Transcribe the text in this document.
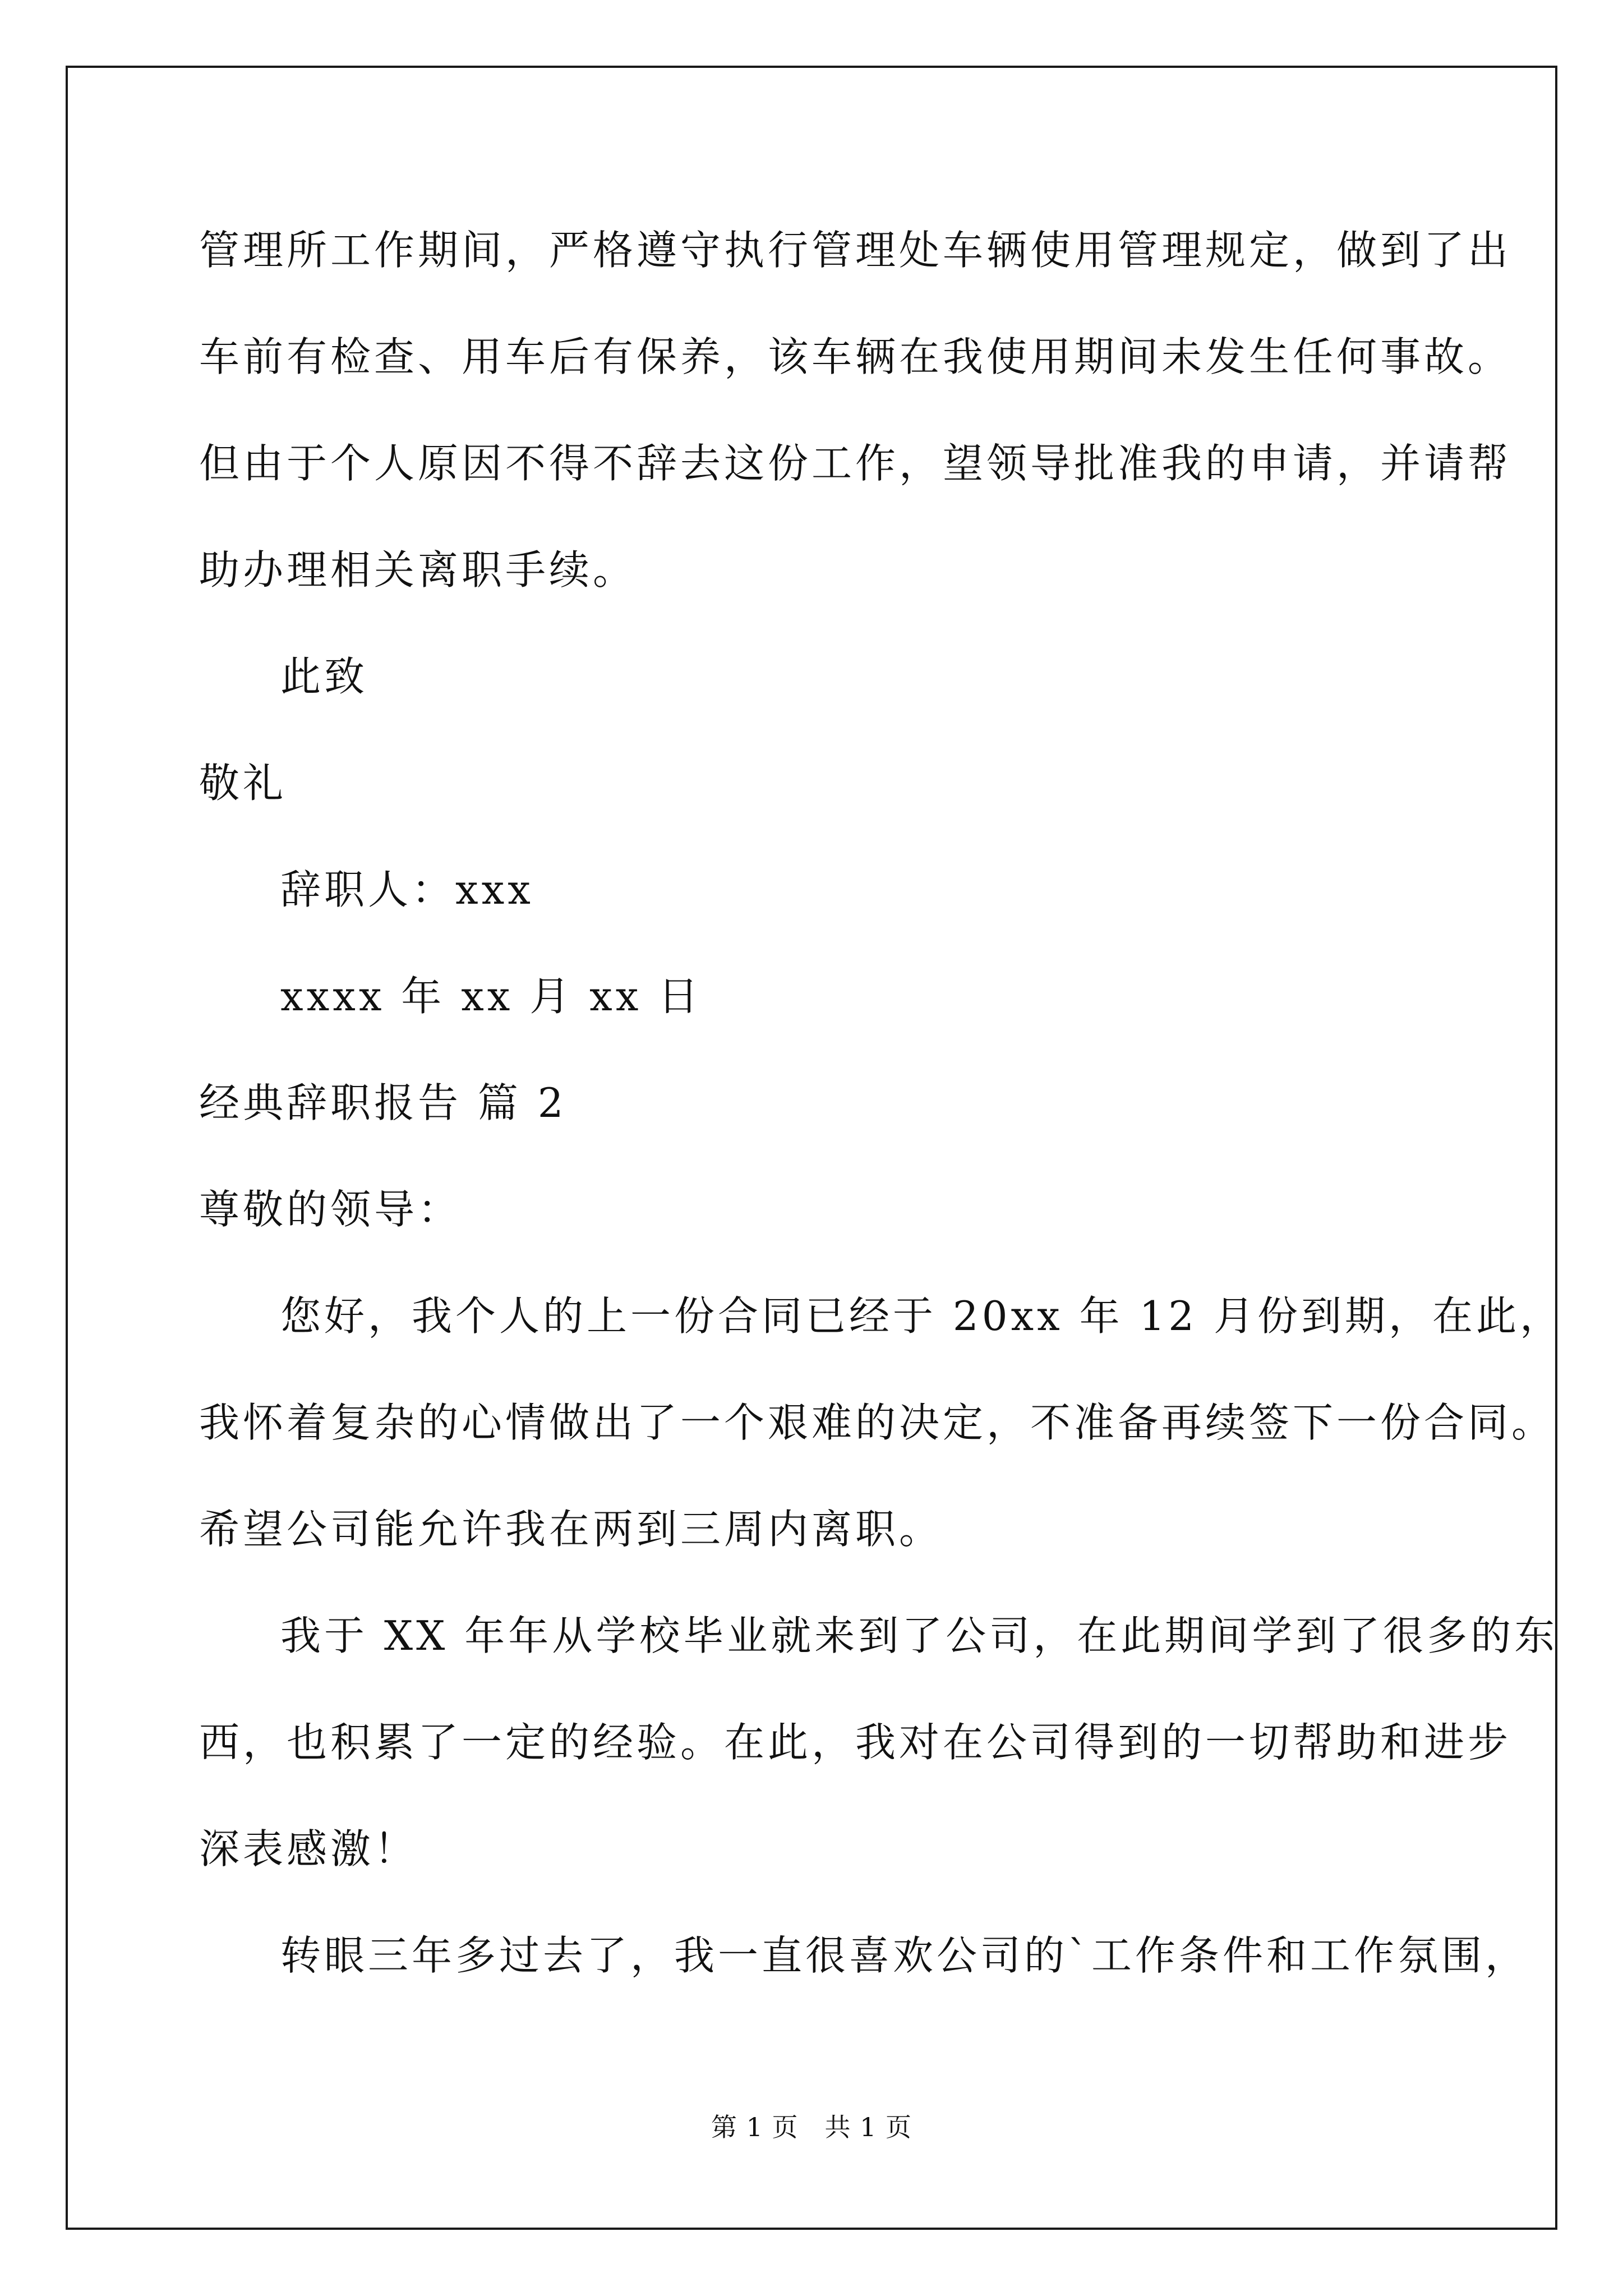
管理所工作期间，严格遵守执行管理处车辆使用管理规定，做到了出
车前有检查、用车后有保养，该车辆在我使用期间未发生任何事故。
但由于个人原因不得不辞去这份工作，望领导批准我的申请，并请帮
助办理相关离职手续。
此致
敬礼
辞职人：xxx
xxxx 年 xx 月 xx 日
经典辞职报告 篇 2
尊敬的领导：
您好，我个人的上一份合同已经于 20xx 年 12 月份到期，在此，
我怀着复杂的心情做出了一个艰难的决定，不准备再续签下一份合同。
希望公司能允许我在两到三周内离职。
我于 XX 年年从学校毕业就来到了公司，在此期间学到了很多的东
西，也积累了一定的经验。在此，我对在公司得到的一切帮助和进步
深表感激！
转眼三年多过去了，我一直很喜欢公司的`工作条件和工作氛围，
第 1 页　共 1 页
